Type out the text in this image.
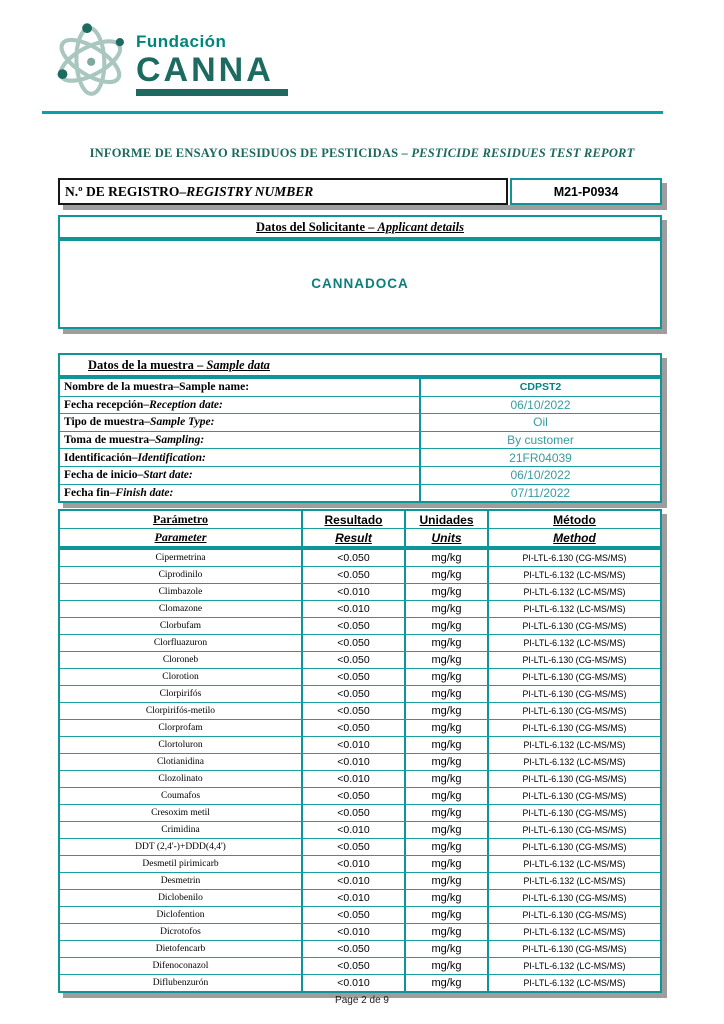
Fundación
CANNA
INFORME DE ENSAYO RESIDUOS DE PESTICIDAS – PESTICIDE RESIDUES TEST REPORT
N.º DE REGISTRO – REGISTRY NUMBER	M21-P0934
Datos del Solicitante – Applicant details
CANNADOCA
Datos de la muestra – Sample data
Nombre de la muestra – Sample name:	CDPST2
Fecha recepción – Reception date:	06/10/2022
Tipo de muestra – Sample Type:	Oil
Toma de muestra – Sampling:	By customer
Identificación – Identification:	21FR04039
Fecha de inicio – Start date:	06/10/2022
Fecha fin – Finish date:	07/11/2022
Parámetro	Resultado	Unidades	Método
Parameter	Result	Units	Method
Cipermetrina	<0.050	mg/kg	PI-LTL-6.130 (CG-MS/MS)
Ciprodinilo	<0.050	mg/kg	PI-LTL-6.132 (LC-MS/MS)
Climbazole	<0.010	mg/kg	PI-LTL-6.132 (LC-MS/MS)
Clomazone	<0.010	mg/kg	PI-LTL-6.132 (LC-MS/MS)
Clorbufam	<0.050	mg/kg	PI-LTL-6.130 (CG-MS/MS)
Clorfluazuron	<0.050	mg/kg	PI-LTL-6.132 (LC-MS/MS)
Cloroneb	<0.050	mg/kg	PI-LTL-6.130 (CG-MS/MS)
Clorotion	<0.050	mg/kg	PI-LTL-6.130 (CG-MS/MS)
Clorpirifós	<0.050	mg/kg	PI-LTL-6.130 (CG-MS/MS)
Clorpirifós-metilo	<0.050	mg/kg	PI-LTL-6.130 (CG-MS/MS)
Clorprofam	<0.050	mg/kg	PI-LTL-6.130 (CG-MS/MS)
Clortoluron	<0.010	mg/kg	PI-LTL-6.132 (LC-MS/MS)
Clotianidina	<0.010	mg/kg	PI-LTL-6.132 (LC-MS/MS)
Clozolinato	<0.010	mg/kg	PI-LTL-6.130 (CG-MS/MS)
Coumafos	<0.050	mg/kg	PI-LTL-6.130 (CG-MS/MS)
Cresoxim metil	<0.050	mg/kg	PI-LTL-6.130 (CG-MS/MS)
Crimidina	<0.010	mg/kg	PI-LTL-6.130 (CG-MS/MS)
DDT (2,4'-)+DDD(4,4')	<0.050	mg/kg	PI-LTL-6.130 (CG-MS/MS)
Desmetil pirimicarb	<0.010	mg/kg	PI-LTL-6.132 (LC-MS/MS)
Desmetrin	<0.010	mg/kg	PI-LTL-6.132 (LC-MS/MS)
Diclobenilo	<0.010	mg/kg	PI-LTL-6.130 (CG-MS/MS)
Diclofention	<0.050	mg/kg	PI-LTL-6.130 (CG-MS/MS)
Dicrotofos	<0.010	mg/kg	PI-LTL-6.132 (LC-MS/MS)
Dietofencarb	<0.050	mg/kg	PI-LTL-6.130 (CG-MS/MS)
Difenoconazol	<0.050	mg/kg	PI-LTL-6.132 (LC-MS/MS)
Diflubenzurón	<0.010	mg/kg	PI-LTL-6.132 (LC-MS/MS)
Page 2 de 9
